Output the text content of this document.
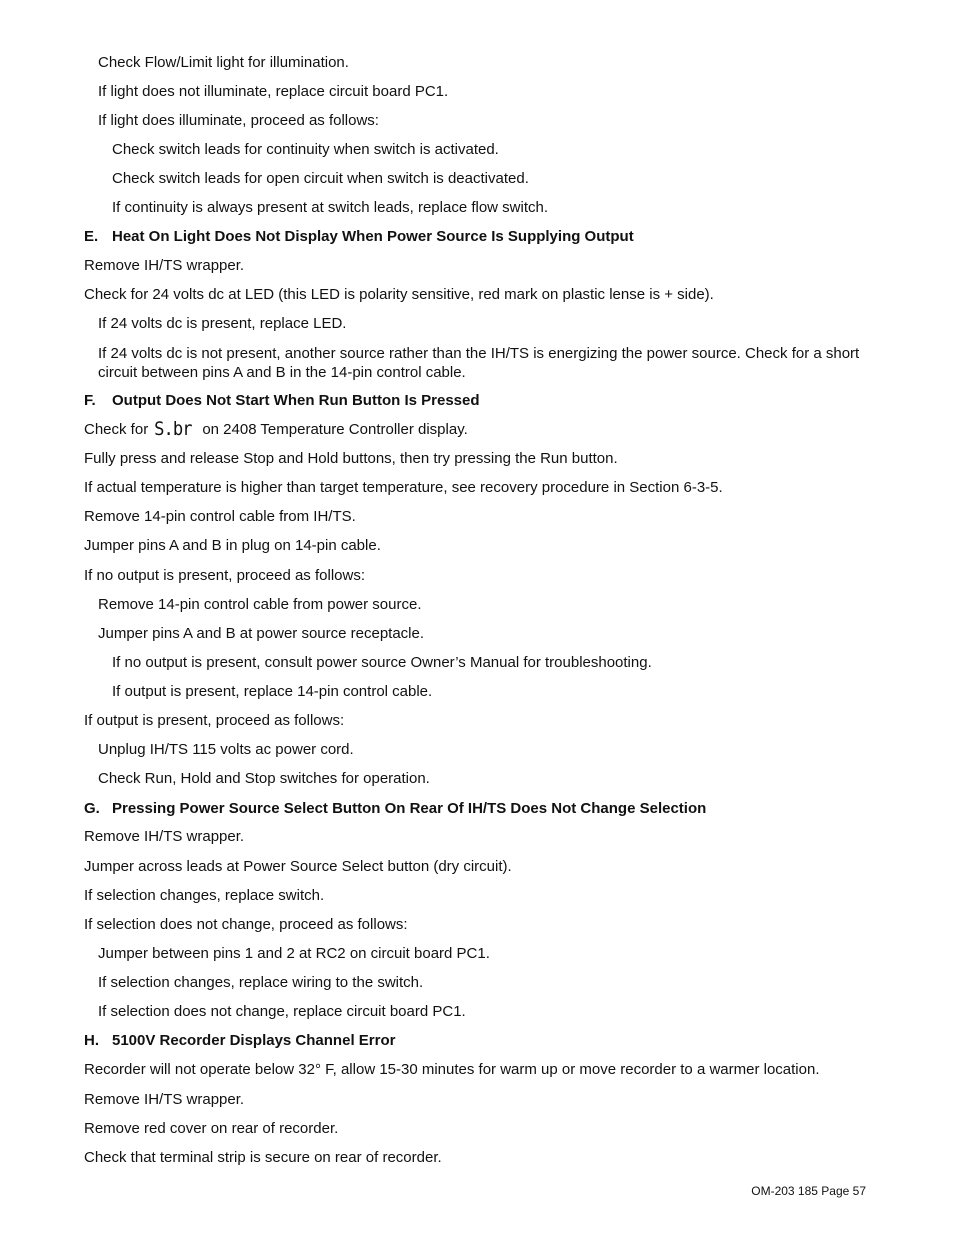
Check Flow/Limit light for illumination.
If light does not illuminate, replace circuit board PC1.
If light does illuminate, proceed as follows:
Check switch leads for continuity when switch is activated.
Check switch leads for open circuit when switch is deactivated.
If continuity is always present at switch leads, replace flow switch.
E. Heat On Light Does Not Display When Power Source Is Supplying Output
Remove IH/TS wrapper.
Check for 24 volts dc at LED (this LED is polarity sensitive, red mark on plastic lense is + side).
If 24 volts dc is present, replace LED.
If 24 volts dc is not present, another source rather than the IH/TS is energizing the power source. Check for a short circuit between pins A and B in the 14-pin control cable.
F. Output Does Not Start When Run Button Is Pressed
Check for S.br on 2408 Temperature Controller display.
Fully press and release Stop and Hold buttons, then try pressing the Run button.
If actual temperature is higher than target temperature, see recovery procedure in Section 6-3-5.
Remove 14-pin control cable from IH/TS.
Jumper pins A and B in plug on 14-pin cable.
If no output is present, proceed as follows:
Remove 14-pin control cable from power source.
Jumper pins A and B at power source receptacle.
If no output is present, consult power source Owner’s Manual for troubleshooting.
If output is present, replace 14-pin control cable.
If output is present, proceed as follows:
Unplug IH/TS 115 volts ac power cord.
Check Run, Hold and Stop switches for operation.
G. Pressing Power Source Select Button On Rear Of IH/TS Does Not Change Selection
Remove IH/TS wrapper.
Jumper across leads at Power Source Select button (dry circuit).
If selection changes, replace switch.
If selection does not change, proceed as follows:
Jumper between pins 1 and 2 at RC2 on circuit board PC1.
If selection changes, replace wiring to the switch.
If selection does not change, replace circuit board PC1.
H. 5100V Recorder Displays Channel Error
Recorder will not operate below 32° F, allow 15-30 minutes for warm up or move recorder to a warmer location.
Remove IH/TS wrapper.
Remove red cover on rear of recorder.
Check that terminal strip is secure on rear of recorder.
OM-203 185 Page 57
